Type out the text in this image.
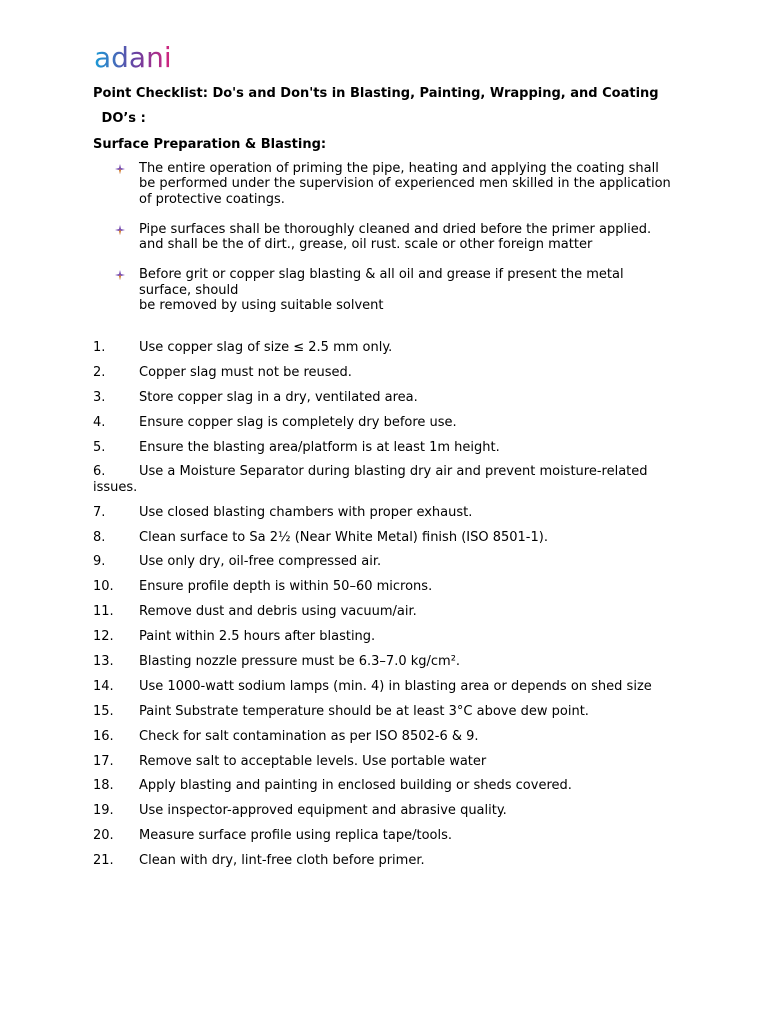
adani
Point Checklist: Do's and Don'ts in Blasting, Painting, Wrapping, and Coating
DO’s :
Surface Preparation & Blasting:
The entire operation of priming the pipe, heating and applying the coating shall
be performed under the supervision of experienced men skilled in the application
of protective coatings.
Pipe surfaces shall be thoroughly cleaned and dried before the primer applied.
and shall be the of dirt., grease, oil rust. scale or other foreign matter
Before grit or copper slag blasting & all oil and grease if present the metal
surface, should
be removed by using suitable solvent
1.	Use copper slag of size ≤ 2.5 mm only.
2.	Copper slag must not be reused.
3.	Store copper slag in a dry, ventilated area.
4.	Ensure copper slag is completely dry before use.
5.	Ensure the blasting area/platform is at least 1m height.
6.	Use a Moisture Separator during blasting dry air and prevent moisture-related issues.
7.	Use closed blasting chambers with proper exhaust.
8.	Clean surface to Sa 2½ (Near White Metal) finish (ISO 8501-1).
9.	Use only dry, oil-free compressed air.
10. Ensure profile depth is within 50–60 microns.
11. Remove dust and debris using vacuum/air.
12. Paint within 2.5 hours after blasting.
13. Blasting nozzle pressure must be 6.3–7.0 kg/cm².
14. Use 1000-watt sodium lamps (min. 4) in blasting area or depends on shed size
15. Paint Substrate temperature should be at least 3°C above dew point.
16. Check for salt contamination as per ISO 8502-6 & 9.
17. Remove salt to acceptable levels. Use portable water
18. Apply blasting and painting in enclosed building or sheds covered.
19. Use inspector-approved equipment and abrasive quality.
20. Measure surface profile using replica tape/tools.
21. Clean with dry, lint-free cloth before primer.
